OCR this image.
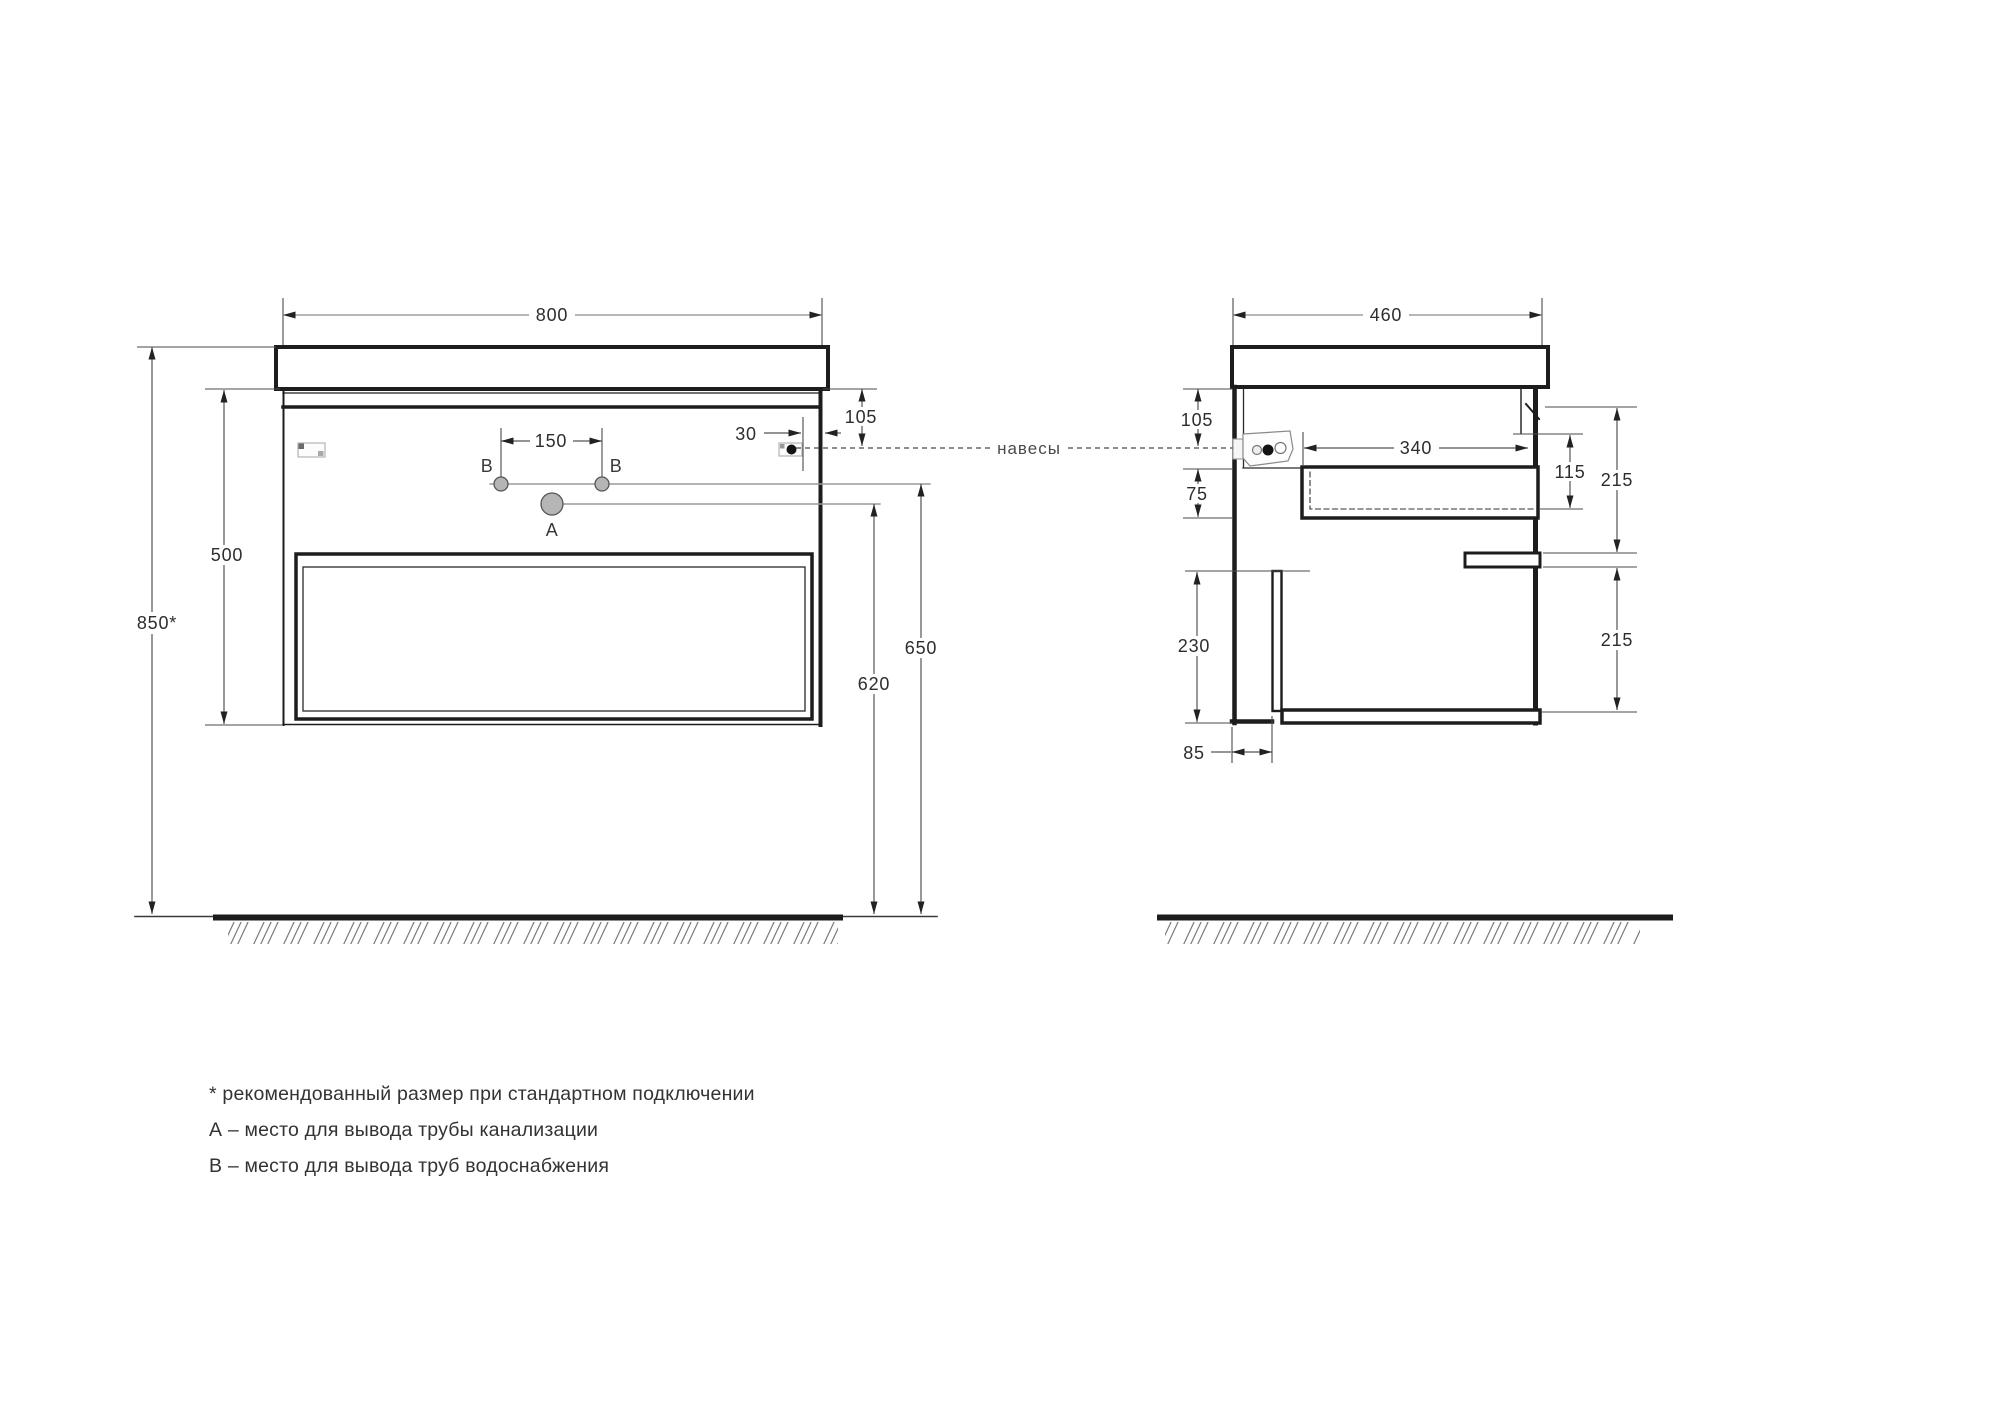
B	B
A
800
850*
500
150	30
105
650
620
навесы
460
105
75
340
115 215
215
230
85
* рекомендованный размер при стандартном подключении
А – место для вывода трубы канализации
В – место для вывода труб водоснабжения
